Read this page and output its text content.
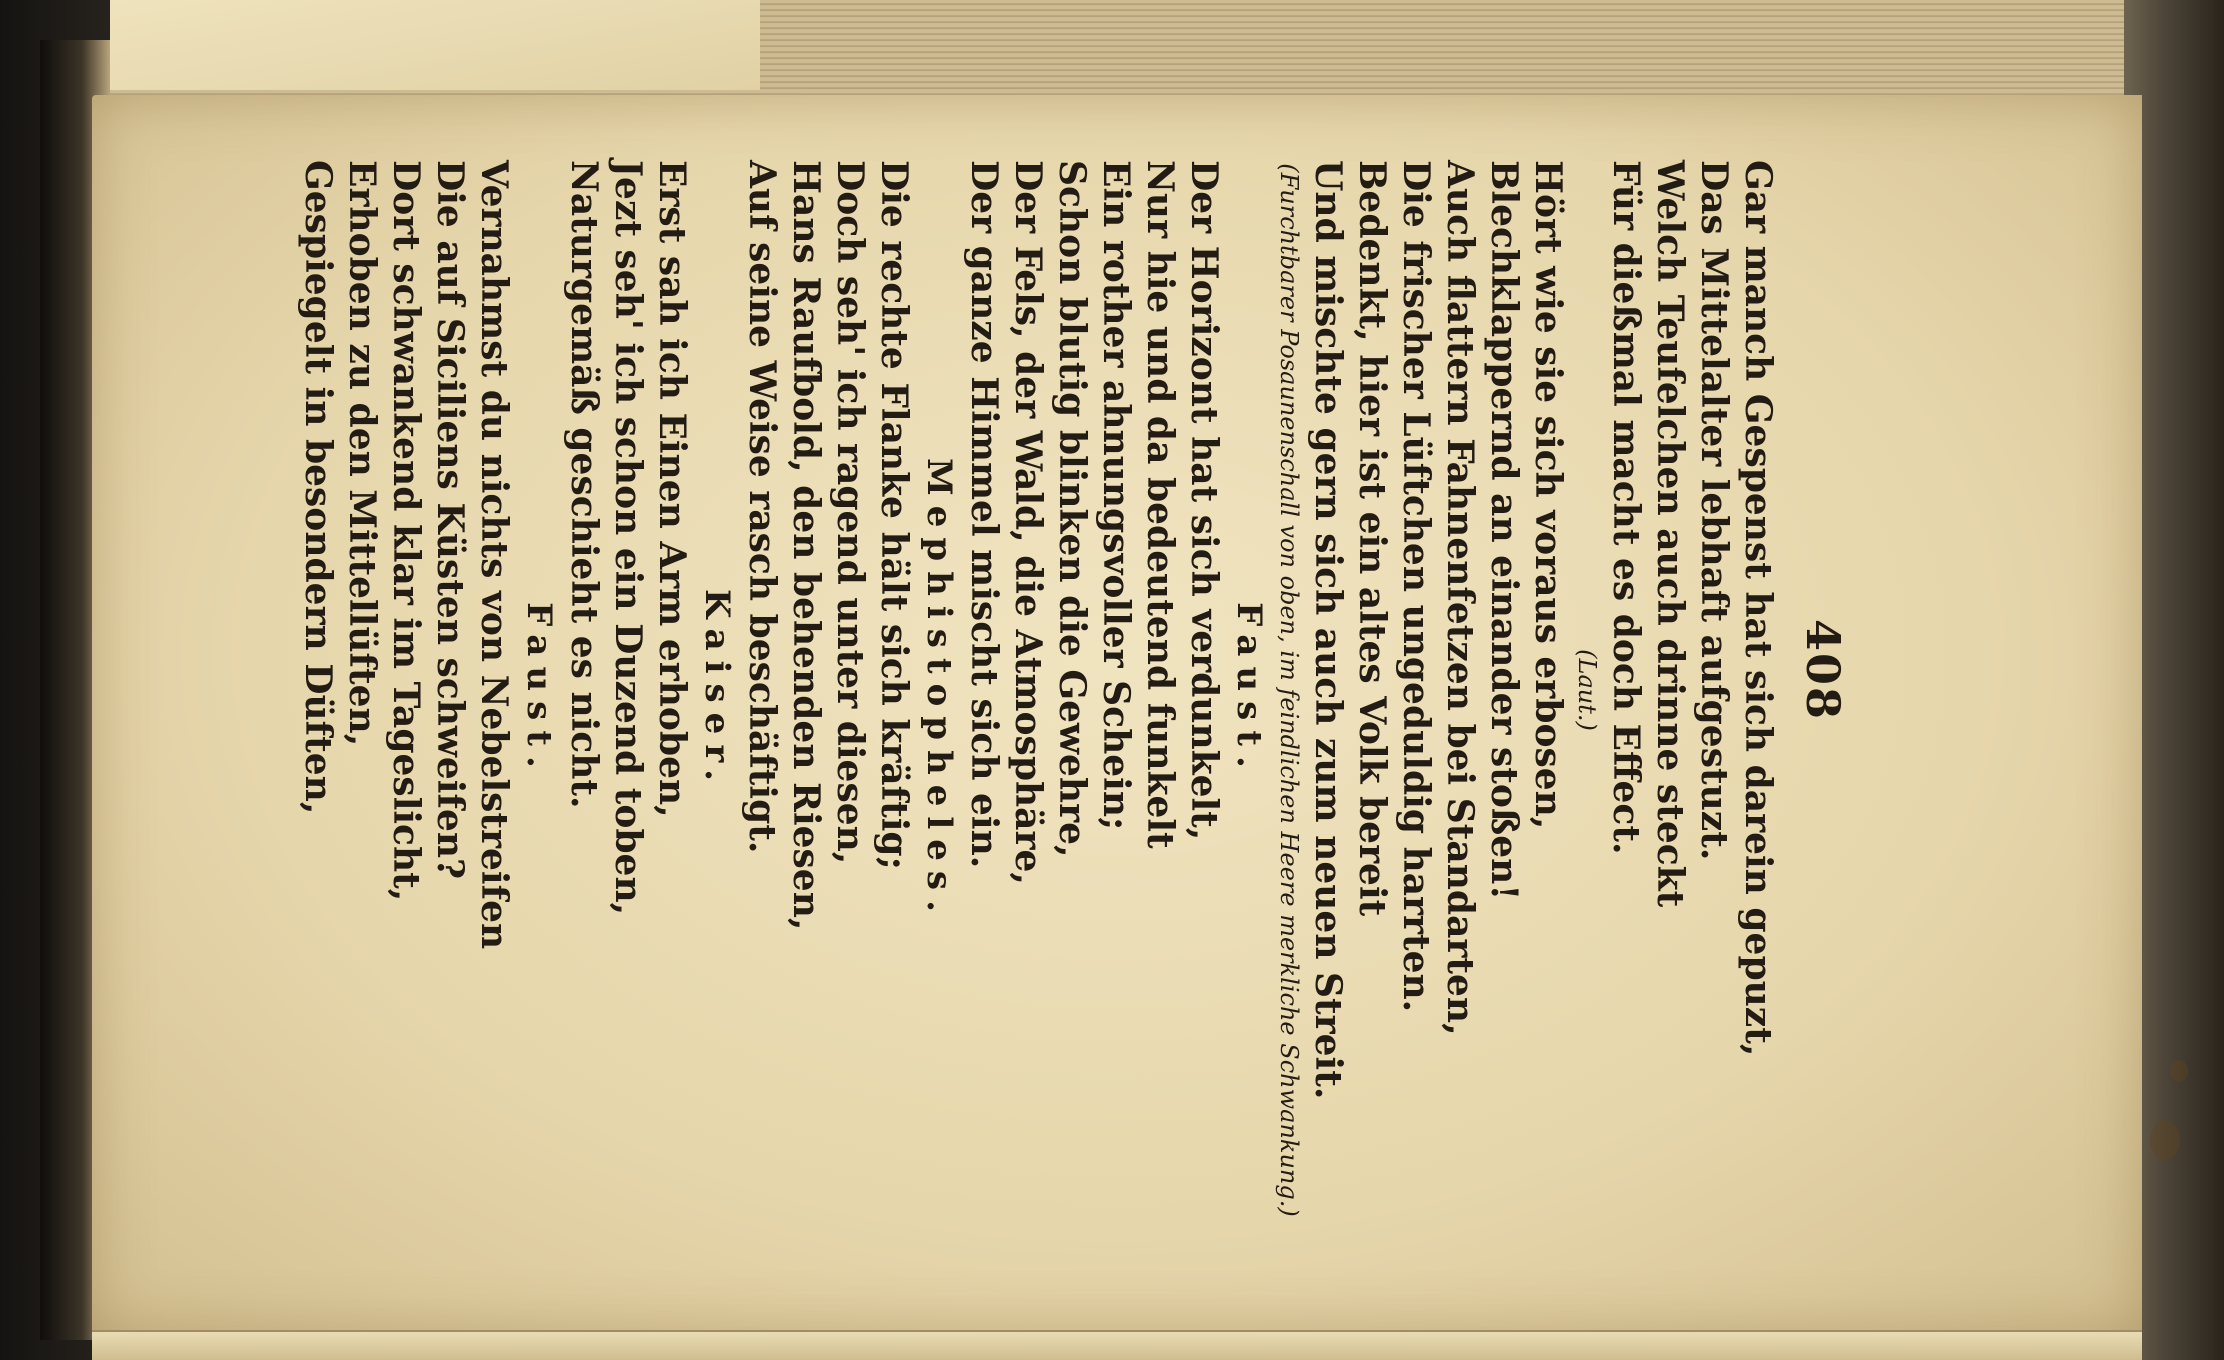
408
Gar manch Gespenst hat sich darein gepuzt,
Das Mittelalter lebhaft aufgestuzt.
Welch Teufelchen auch drinne steckt
Für dießmal macht es doch Effect.
(Laut.)
Hört wie sie sich voraus erbosen,
Blechklappernd an einander stoßen!
Auch flattern Fahnenfetzen bei Standarten,
Die frischer Lüftchen ungeduldig harrten.
Bedenkt, hier ist ein altes Volk bereit
Und mischte gern sich auch zum neuen Streit.
(Furchtbarer Posaunenschall von oben, im feindlichen Heere merkliche Schwankung.)
Faust.
Der Horizont hat sich verdunkelt,
Nur hie und da bedeutend funkelt
Ein rother ahnungsvoller Schein;
Schon blutig blinken die Gewehre,
Der Fels, der Wald, die Atmosphäre,
Der ganze Himmel mischt sich ein.
Mephistopheles.
Die rechte Flanke hält sich kräftig;
Doch seh' ich ragend unter diesen,
Hans Raufbold, den behenden Riesen,
Auf seine Weise rasch beschäftigt.
Kaiser.
Erst sah ich Einen Arm erhoben,
Jezt seh' ich schon ein Duzend toben,
Naturgemäß geschieht es nicht.
Faust.
Vernahmst du nichts von Nebelstreifen
Die auf Siciliens Küsten schweifen?
Dort schwankend klar im Tageslicht,
Erhoben zu den Mittellüften,
Gespiegelt in besondern Düften,
